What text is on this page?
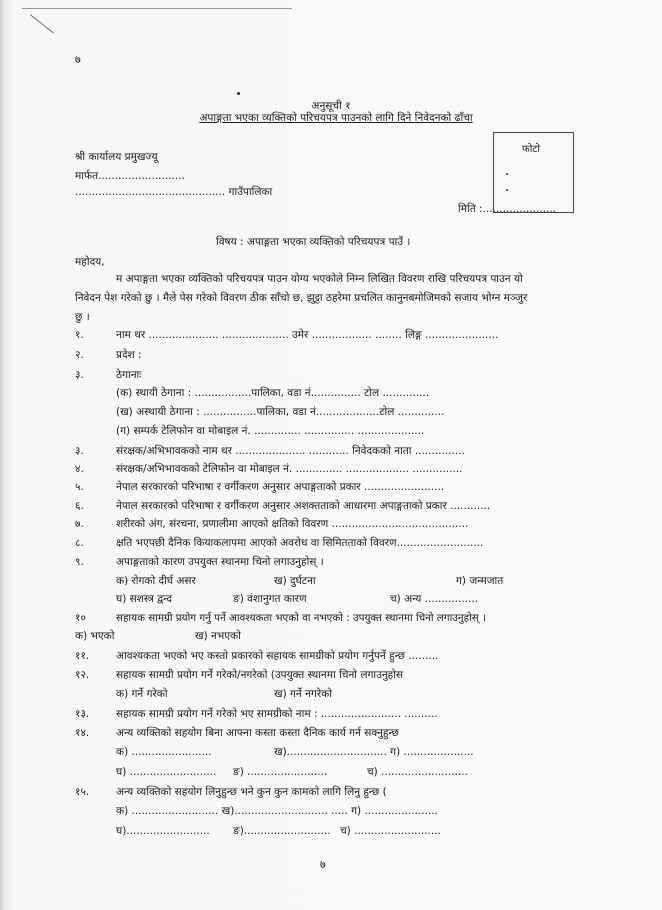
७
अनुसूची १
अपाङ्गता भएका व्यक्तिको परिचयपत्र पाउनको लागि दिने निवेदनको ढाँचा
श्री कार्यालय प्रमुखज्यू
मार्फत..........................
............................................. गाउँपालिका
फोटो
मिति :......................
विषय : अपाङ्गता भएका व्यक्तिको परिचयपत्र पाउँ ।
महोदय,
म अपाङ्गता भएका व्यक्तिको परिचयपत्र पाउन योग्य भएकोले निम्न लिखित विवरण राखि परिचयपत्र पाउन यो
निवेदन पेश गरेको छु । मैले पेस गरेको विवरण ठीक साँचो छ, झुट्टा ठहरेमा प्रचलित कानुनबमोजिमको सजाय भोग्न मञ्जुर
छु ।
१.	नाम थर ..................... .................... उमेर .................. ........ लिङ्ग ......................
२.	प्रदेश :
३.	ठेगानाः
(क) स्थायी ठेगाना : .................पालिका, वडा नं............... टोल ..............
(ख) अस्थायी ठेगाना : ................पालिका, वडा नं...................टोल ..............
(ग) सम्पर्क टेलिफोन वा मोबाइल नं. .............. ............... ....................
३.	संरक्षक/अभिभावकको नाम थर ..................... ............ निवेदकको नाता ...............
४.	संरक्षक/अभिभावकको टेलिफोन वा मोबाइल नं. .............. ................... ...............
५.	नेपाल सरकारको परिभाषा र वर्गीकरण अनुसार अपाङ्गताको प्रकार ........................
६.	नेपाल सरकारको परिभाषा र वर्गीकरण अनुसार अशक्तताको आधारमा अपाङ्गताको प्रकार ............
७.	शरीरको अंग, संरचना, प्रणालीमा आएको क्षतिको विवरण .........................................
८.	क्षति भएपछी दैनिक कियाकलापमा आएको अवरोध वा सिमितताको विवरण..........................
९.	अपाङ्गताको कारण उपयुक्त स्थानमा चिनो लगाउनुहोस् ।
क) रोगको दीर्घ असर	ख) दुर्घटना	ग) जन्मजात
घ) सशस्त्र द्वन्द	ङ) वंशानुगत कारण	च) अन्य ................
१०	सहायक सामग्री प्रयोग गर्नु पर्ने आवश्यकता भएको वा नभएको : उपयुक्त स्थानमा चिनो लगाउनुहोस् ।
क) भएको	ख) नभएको
११.	आवश्यकता भएको भए कस्तो प्रकारको सहायक सामग्रीको प्रयोग गर्नुपर्ने हुन्छ .........
१२.	सहायक सामग्री प्रयोग गर्ने गरेको/नगरेको (उपयुक्त स्थानमा चिनो लगाउनुहोस
क) गर्ने गरेको	ख) गर्ने नगरेको
१३.	सहायक सामग्री प्रयोग गर्ने गरेको भए सामग्रीको नाम : ........................ ..........
१४.	अन्य व्यक्तिको सहयोग बिना आफ्ना कस्ता कस्ता दैनिक कार्य गर्न सक्नुहुन्छ
क) ........................	ख).............................. ग) .....................
घ) .......................... ङ) ........................	च) ..........................
१५.	अन्य व्यक्तिको सहयोग लिनुहुन्छ भने कुन कुन कामको लागि लिनु हुन्छ (
क) .......................... ख)............................ ..... ग) ......................
घ)......................... ङ).......................... च) ..........................
७
